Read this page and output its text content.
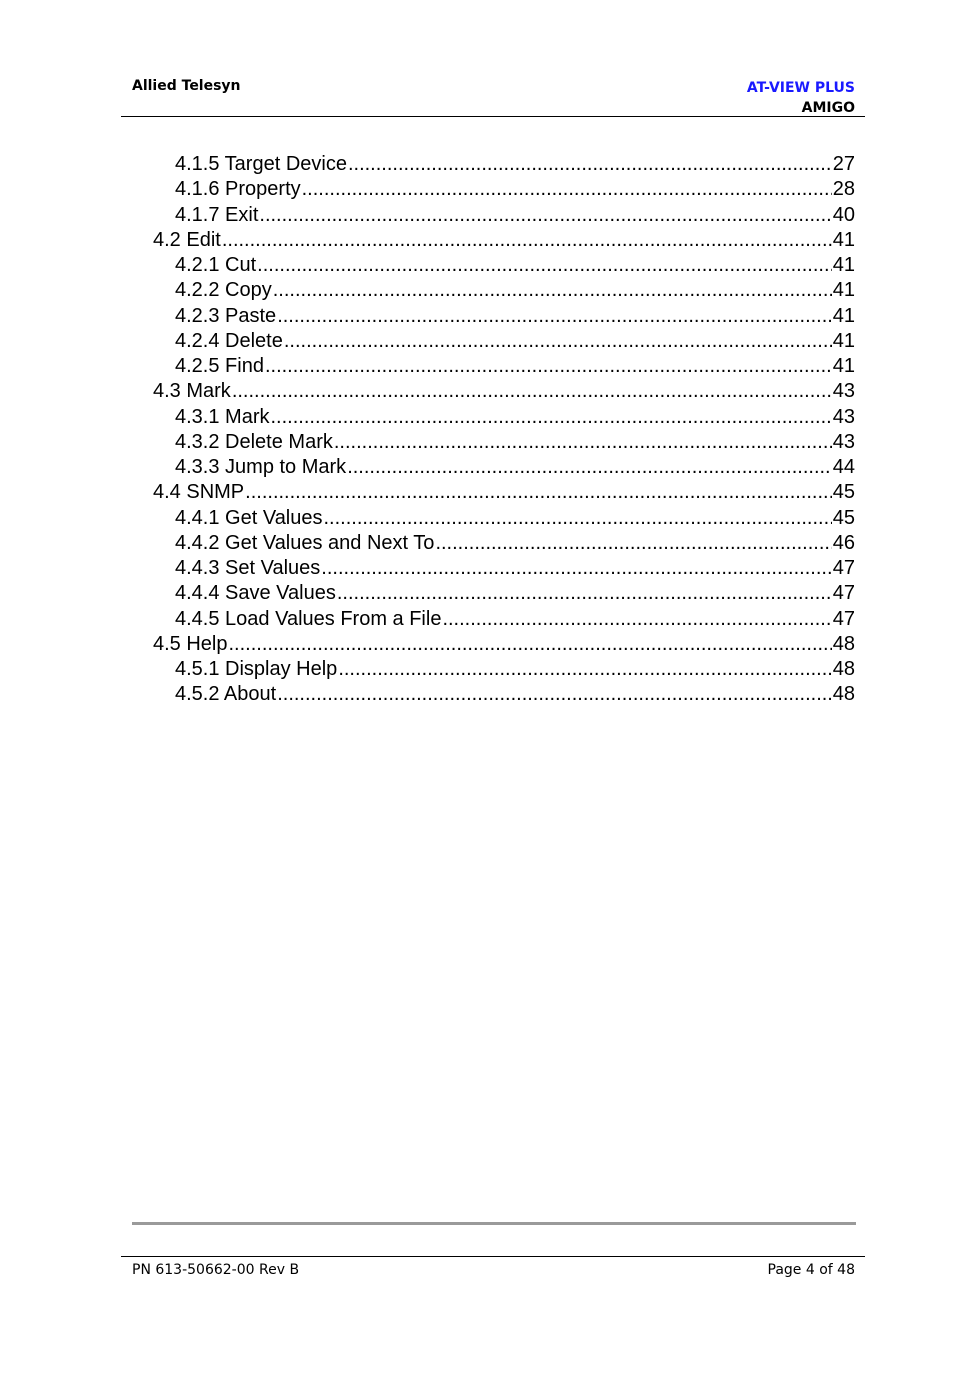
Allied Telesyn	AT-VIEW PLUS
AMIGO
4.1.5 Target Device .....	27
4.1.6 Property .....	28
4.1.7 Exit .....	40
4.2 Edit .....	41
4.2.1 Cut .....	41
4.2.2 Copy .....	41
4.2.3 Paste .....	41
4.2.4 Delete .....	41
4.2.5 Find .....	41
4.3 Mark .....	43
4.3.1 Mark .....	43
4.3.2 Delete Mark .....	43
4.3.3 Jump to Mark .....	44
4.4 SNMP .....	45
4.4.1 Get Values .....	45
4.4.2 Get Values and Next To .....	46
4.4.3 Set Values .....	47
4.4.4 Save Values .....	47
4.4.5 Load Values From a File .....	47
4.5 Help .....	48
4.5.1 Display Help .....	48
4.5.2 About .....	48
PN 613-50662-00 Rev B	Page 4 of 48
